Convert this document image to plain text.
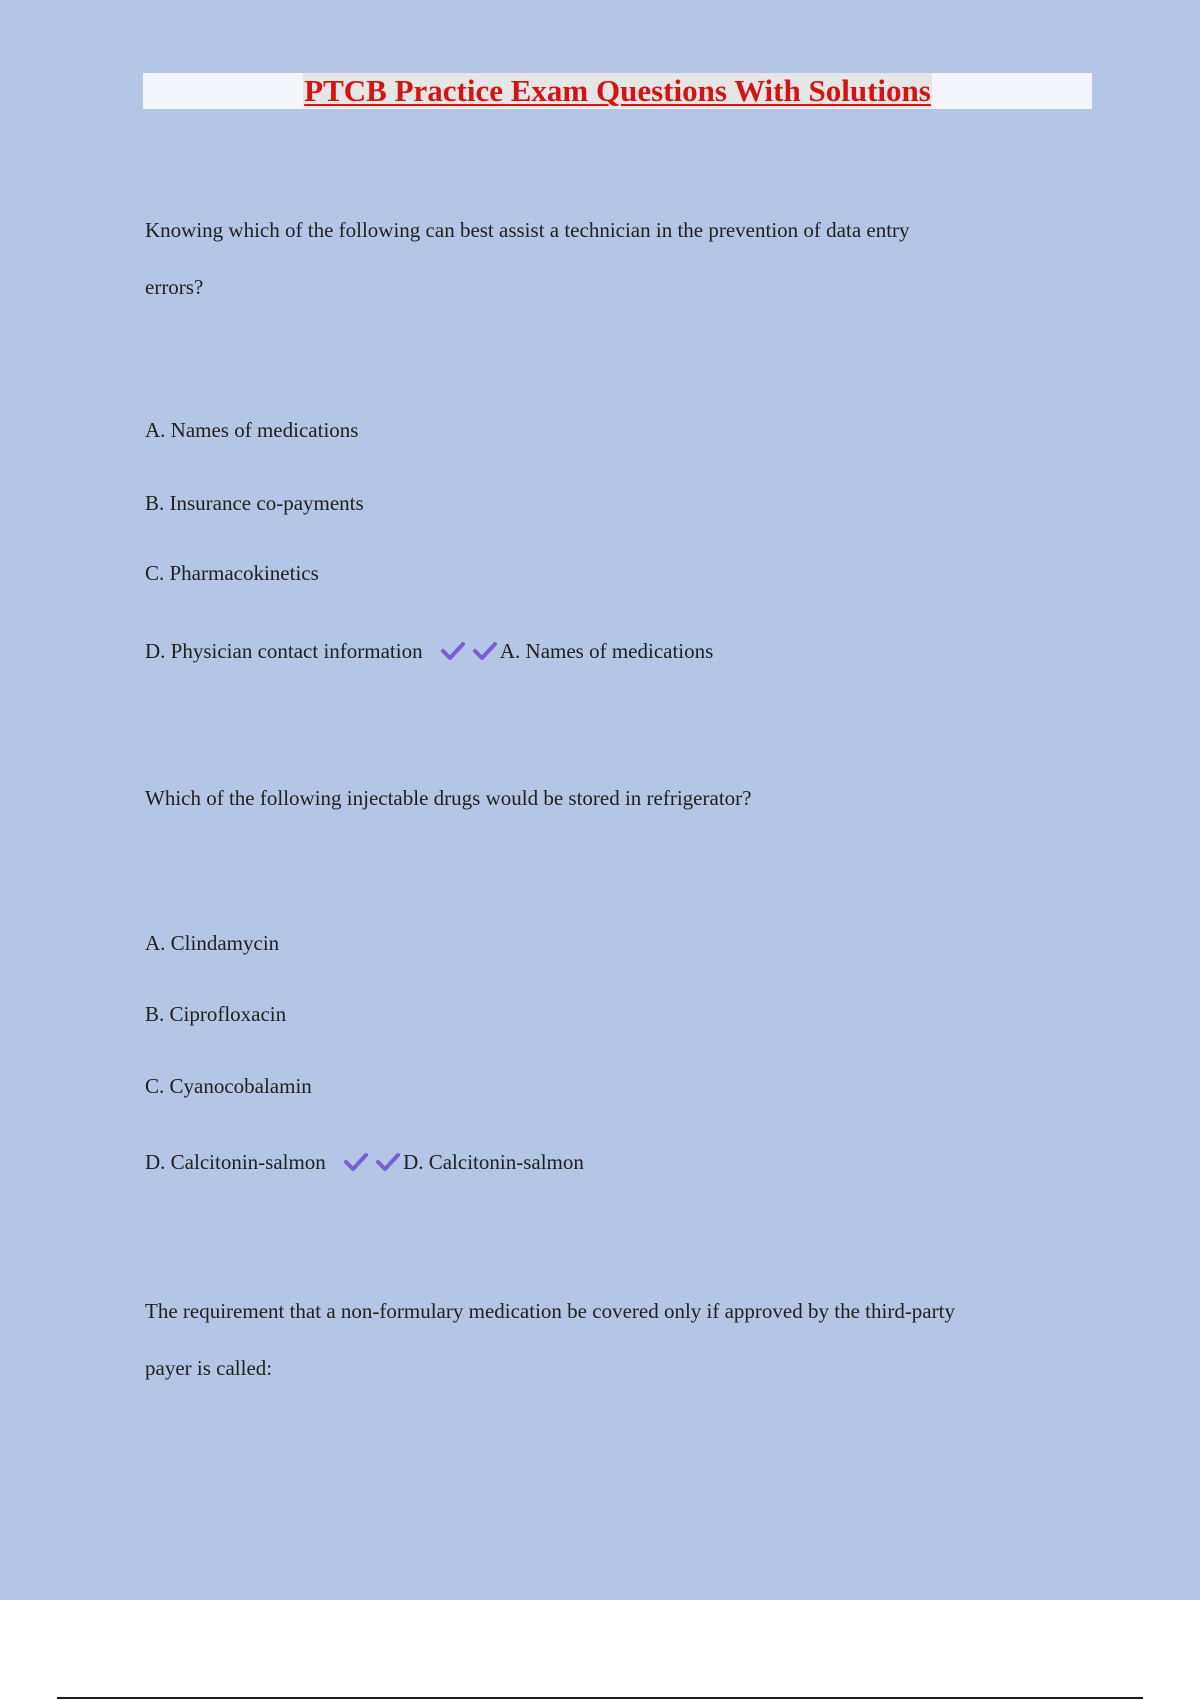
PTCB Practice Exam Questions With Solutions
Knowing which of the following can best assist a technician in the prevention of data entry
errors?
A. Names of medications
B. Insurance co-payments
C. Pharmacokinetics
D. Physician contact information	A. Names of medications
Which of the following injectable drugs would be stored in refrigerator?
A. Clindamycin
B. Ciprofloxacin
C. Cyanocobalamin
D. Calcitonin-salmon	D. Calcitonin-salmon
The requirement that a non-formulary medication be covered only if approved by the third-party
payer is called:
